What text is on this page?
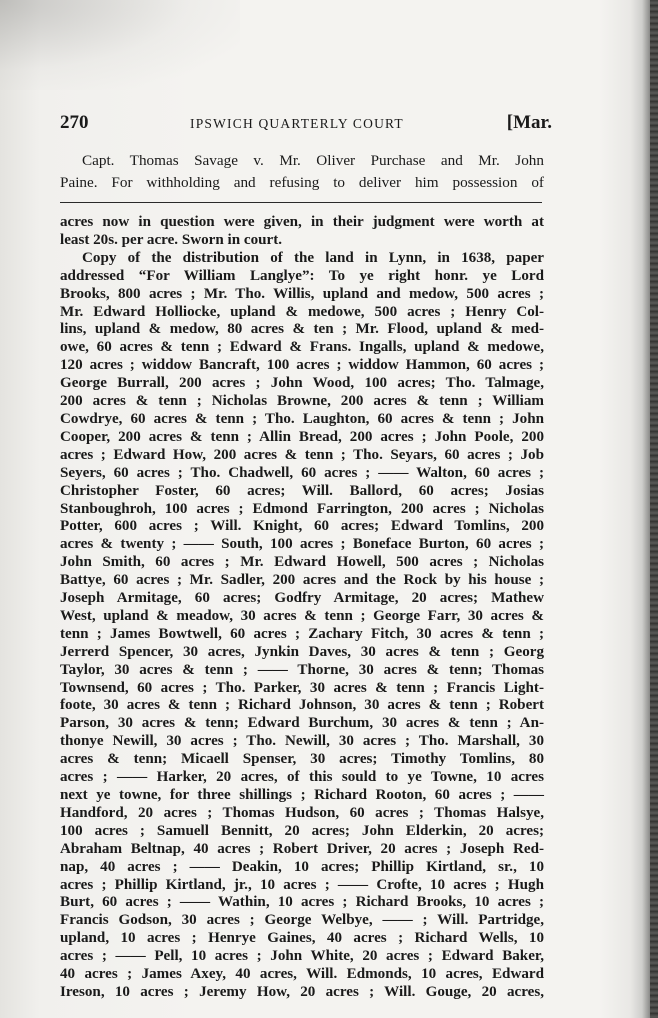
270	IPSWICH QUARTERLY COURT	[Mar.
Capt. Thomas Savage v. Mr. Oliver Purchase and Mr. John
Paine. For withholding and refusing to deliver him possession of
acres now in question were given, in their judgment were worth at
least 20s. per acre. Sworn in court.
Copy of the distribution of the land in Lynn, in 1638, paper
addressed “For William Langlye”: To ye right honr. ye Lord
Brooks, 800 acres ; Mr. Tho. Willis, upland and medow, 500 acres ;
Mr. Edward Holliocke, upland & medowe, 500 acres ; Henry Col-
lins, upland & medow, 80 acres & ten ; Mr. Flood, upland & med-
owe, 60 acres & tenn ; Edward & Frans. Ingalls, upland & medowe,
120 acres ; widdow Bancraft, 100 acres ; widdow Hammon, 60 acres ;
George Burrall, 200 acres ; John Wood, 100 acres; Tho. Talmage,
200 acres & tenn ; Nicholas Browne, 200 acres & tenn ; William
Cowdrye, 60 acres & tenn ; Tho. Laughton, 60 acres & tenn ; John
Cooper, 200 acres & tenn ; Allin Bread, 200 acres ; John Poole, 200
acres ; Edward How, 200 acres & tenn ; Tho. Seyars, 60 acres ; Job
Seyers, 60 acres ; Tho. Chadwell, 60 acres ; —— Walton, 60 acres ;
Christopher Foster, 60 acres; Will. Ballord, 60 acres; Josias
Stanboughroh, 100 acres ; Edmond Farrington, 200 acres ; Nicholas
Potter, 600 acres ; Will. Knight, 60 acres; Edward Tomlins, 200
acres & twenty ; —— South, 100 acres ; Boneface Burton, 60 acres ;
John Smith, 60 acres ; Mr. Edward Howell, 500 acres ; Nicholas
Battye, 60 acres ; Mr. Sadler, 200 acres and the Rock by his house ;
Joseph Armitage, 60 acres; Godfry Armitage, 20 acres; Mathew
West, upland & meadow, 30 acres & tenn ; George Farr, 30 acres &
tenn ; James Bowtwell, 60 acres ; Zachary Fitch, 30 acres & tenn ;
Jerrerd Spencer, 30 acres, Jynkin Daves, 30 acres & tenn ; Georg
Taylor, 30 acres & tenn ; —— Thorne, 30 acres & tenn; Thomas
Townsend, 60 acres ; Tho. Parker, 30 acres & tenn ; Francis Light-
foote, 30 acres & tenn ; Richard Johnson, 30 acres & tenn ; Robert
Parson, 30 acres & tenn; Edward Burchum, 30 acres & tenn ; An-
thonye Newill, 30 acres ; Tho. Newill, 30 acres ; Tho. Marshall, 30
acres & tenn; Micaell Spenser, 30 acres; Timothy Tomlins, 80
acres ; —— Harker, 20 acres, of this sould to ye Towne, 10 acres
next ye towne, for three shillings ; Richard Rooton, 60 acres ; ——
Handford, 20 acres ; Thomas Hudson, 60 acres ; Thomas Halsye,
100 acres ; Samuell Bennitt, 20 acres; John Elderkin, 20 acres;
Abraham Beltnap, 40 acres ; Robert Driver, 20 acres ; Joseph Red-
nap, 40 acres ; —— Deakin, 10 acres; Phillip Kirtland, sr., 10
acres ; Phillip Kirtland, jr., 10 acres ; —— Crofte, 10 acres ; Hugh
Burt, 60 acres ; —— Wathin, 10 acres ; Richard Brooks, 10 acres ;
Francis Godson, 30 acres ; George Welbye, —— ; Will. Partridge,
upland, 10 acres ; Henrye Gaines, 40 acres ; Richard Wells, 10
acres ; —— Pell, 10 acres ; John White, 20 acres ; Edward Baker,
40 acres ; James Axey, 40 acres, Will. Edmonds, 10 acres, Edward
Ireson, 10 acres ; Jeremy How, 20 acres ; Will. Gouge, 20 acres,
